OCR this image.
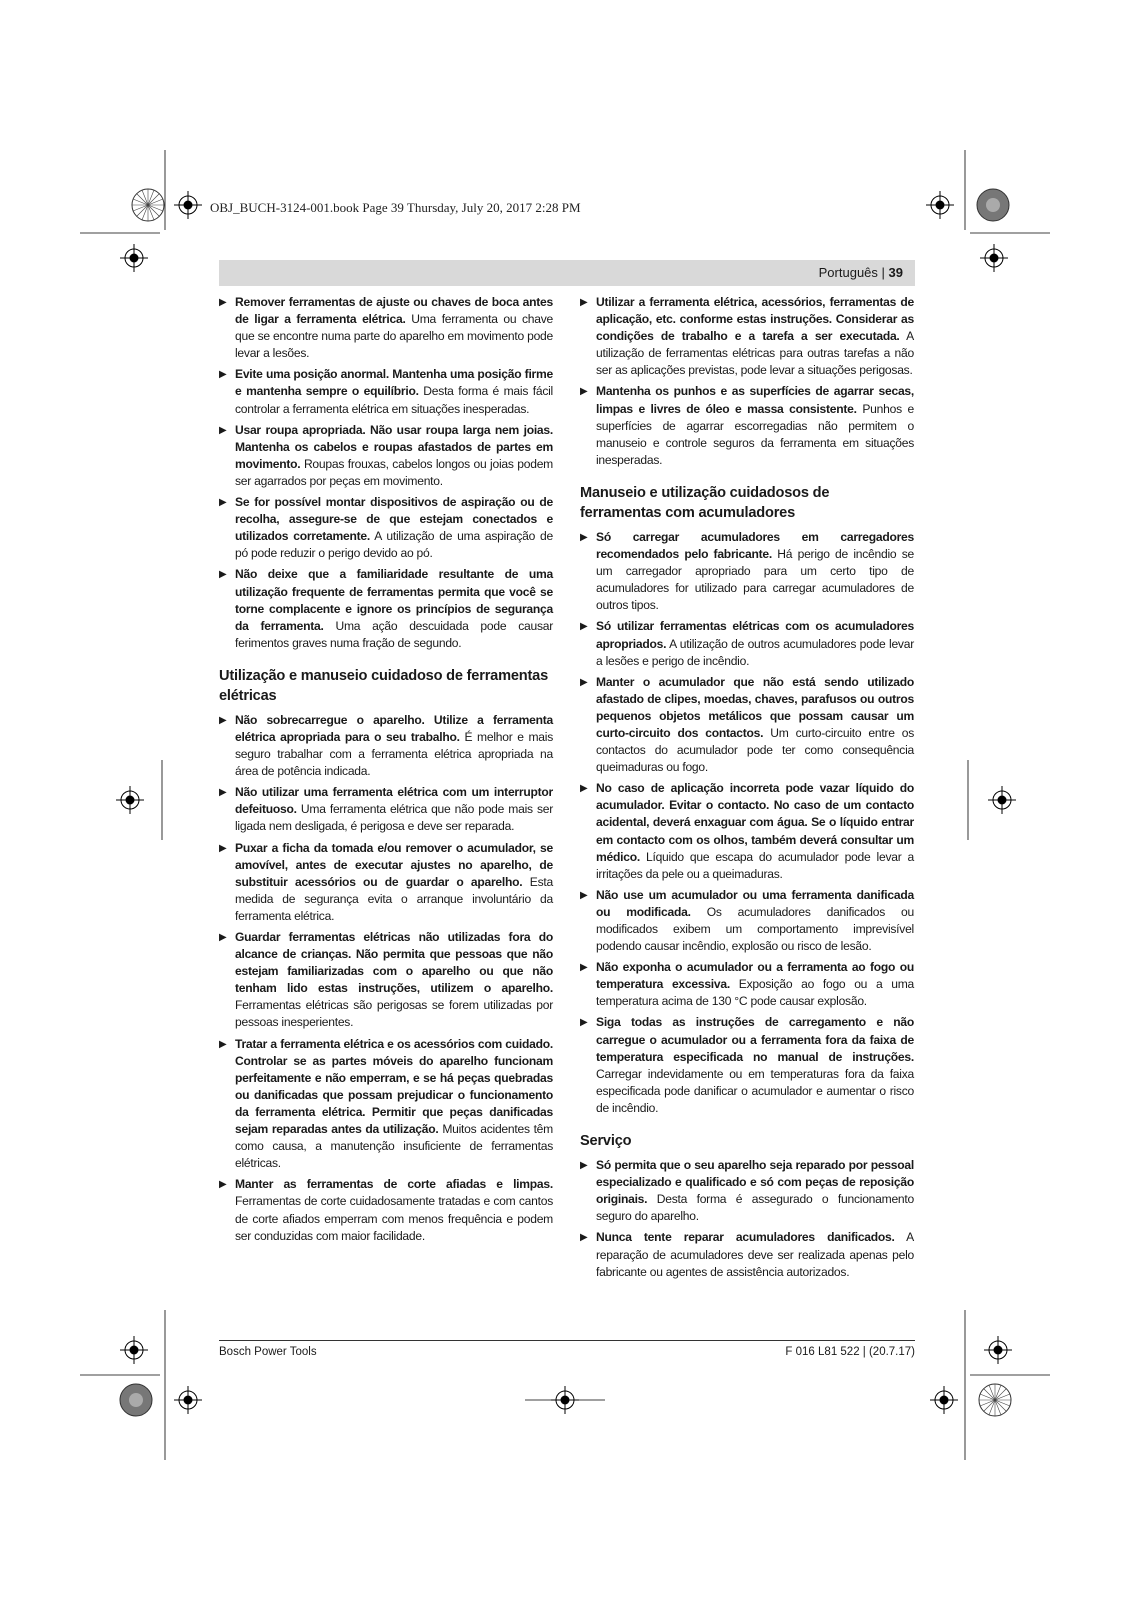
OBJ_BUCH-3124-001.book Page 39 Thursday, July 20, 2017 2:28 PM
Português | 39
▶ Remover ferramentas de ajuste ou chaves de boca antes de ligar a ferramenta elétrica. Uma ferramenta ou chave que se encontre numa parte do aparelho em movimento pode levar a lesões.
▶ Evite uma posição anormal. Mantenha uma posição firme e mantenha sempre o equilíbrio. Desta forma é mais fácil controlar a ferramenta elétrica em situações inesperadas.
▶ Usar roupa apropriada. Não usar roupa larga nem joias. Mantenha os cabelos e roupas afastados de partes em movimento. Roupas frouxas, cabelos longos ou joias podem ser agarrados por peças em movimento.
▶ Se for possível montar dispositivos de aspiração ou de recolha, assegure-se de que estejam conectados e utilizados corretamente. A utilização de uma aspiração de pó pode reduzir o perigo devido ao pó.
▶ Não deixe que a familiaridade resultante de uma utilização frequente de ferramentas permita que você se torne complacente e ignore os princípios de segurança da ferramenta. Uma ação descuidada pode causar ferimentos graves numa fração de segundo.
Utilização e manuseio cuidadoso de ferramentas elétricas
▶ Não sobrecarregue o aparelho. Utilize a ferramenta elétrica apropriada para o seu trabalho. É melhor e mais seguro trabalhar com a ferramenta elétrica apropriada na área de potência indicada.
▶ Não utilizar uma ferramenta elétrica com um interruptor defeituoso. Uma ferramenta elétrica que não pode mais ser ligada nem desligada, é perigosa e deve ser reparada.
▶ Puxar a ficha da tomada e/ou remover o acumulador, se amovível, antes de executar ajustes no aparelho, de substituir acessórios ou de guardar o aparelho. Esta medida de segurança evita o arranque involuntário da ferramenta elétrica.
▶ Guardar ferramentas elétricas não utilizadas fora do alcance de crianças. Não permita que pessoas que não estejam familiarizadas com o aparelho ou que não tenham lido estas instruções, utilizem o aparelho. Ferramentas elétricas são perigosas se forem utilizadas por pessoas inesperientes.
▶ Tratar a ferramenta elétrica e os acessórios com cuidado. Controlar se as partes móveis do aparelho funcionam perfeitamente e não emperram, e se há peças quebradas ou danificadas que possam prejudicar o funcionamento da ferramenta elétrica. Permitir que peças danificadas sejam reparadas antes da utilização. Muitos acidentes têm como causa, a manutenção insuficiente de ferramentas elétricas.
▶ Manter as ferramentas de corte afiadas e limpas. Ferramentas de corte cuidadosamente tratadas e com cantos de corte afiados emperram com menos frequência e podem ser conduzidas com maior facilidade.
▶ Utilizar a ferramenta elétrica, acessórios, ferramentas de aplicação, etc. conforme estas instruções. Considerar as condições de trabalho e a tarefa a ser executada. A utilização de ferramentas elétricas para outras tarefas a não ser as aplicações previstas, pode levar a situações perigosas.
▶ Mantenha os punhos e as superfícies de agarrar secas, limpas e livres de óleo e massa consistente. Punhos e superfícies de agarrar escorregadias não permitem o manuseio e controle seguros da ferramenta em situações inesperadas.
Manuseio e utilização cuidadosos de ferramentas com acumuladores
▶ Só carregar acumuladores em carregadores recomendados pelo fabricante. Há perigo de incêndio se um carregador apropriado para um certo tipo de acumuladores for utilizado para carregar acumuladores de outros tipos.
▶ Só utilizar ferramentas elétricas com os acumuladores apropriados. A utilização de outros acumuladores pode levar a lesões e perigo de incêndio.
▶ Manter o acumulador que não está sendo utilizado afastado de clipes, moedas, chaves, parafusos ou outros pequenos objetos metálicos que possam causar um curto-circuito dos contactos. Um curto-circuito entre os contactos do acumulador pode ter como consequência queimaduras ou fogo.
▶ No caso de aplicação incorreta pode vazar líquido do acumulador. Evitar o contacto. No caso de um contacto acidental, deverá enxaguar com água. Se o líquido entrar em contacto com os olhos, também deverá consultar um médico. Líquido que escapa do acumulador pode levar a irritações da pele ou a queimaduras.
▶ Não use um acumulador ou uma ferramenta danificada ou modificada. Os acumuladores danificados ou modificados exibem um comportamento imprevisível podendo causar incêndio, explosão ou risco de lesão.
▶ Não exponha o acumulador ou a ferramenta ao fogo ou temperatura excessiva. Exposição ao fogo ou a uma temperatura acima de 130 °C pode causar explosão.
▶ Siga todas as instruções de carregamento e não carregue o acumulador ou a ferramenta fora da faixa de temperatura especificada no manual de instruções. Carregar indevidamente ou em temperaturas fora da faixa especificada pode danificar o acumulador e aumentar o risco de incêndio.
Serviço
▶ Só permita que o seu aparelho seja reparado por pessoal especializado e qualificado e só com peças de reposição originais. Desta forma é assegurado o funcionamento seguro do aparelho.
▶ Nunca tente reparar acumuladores danificados. A reparação de acumuladores deve ser realizada apenas pelo fabricante ou agentes de assistência autorizados.
Bosch Power Tools	F 016 L81 522 | (20.7.17)
